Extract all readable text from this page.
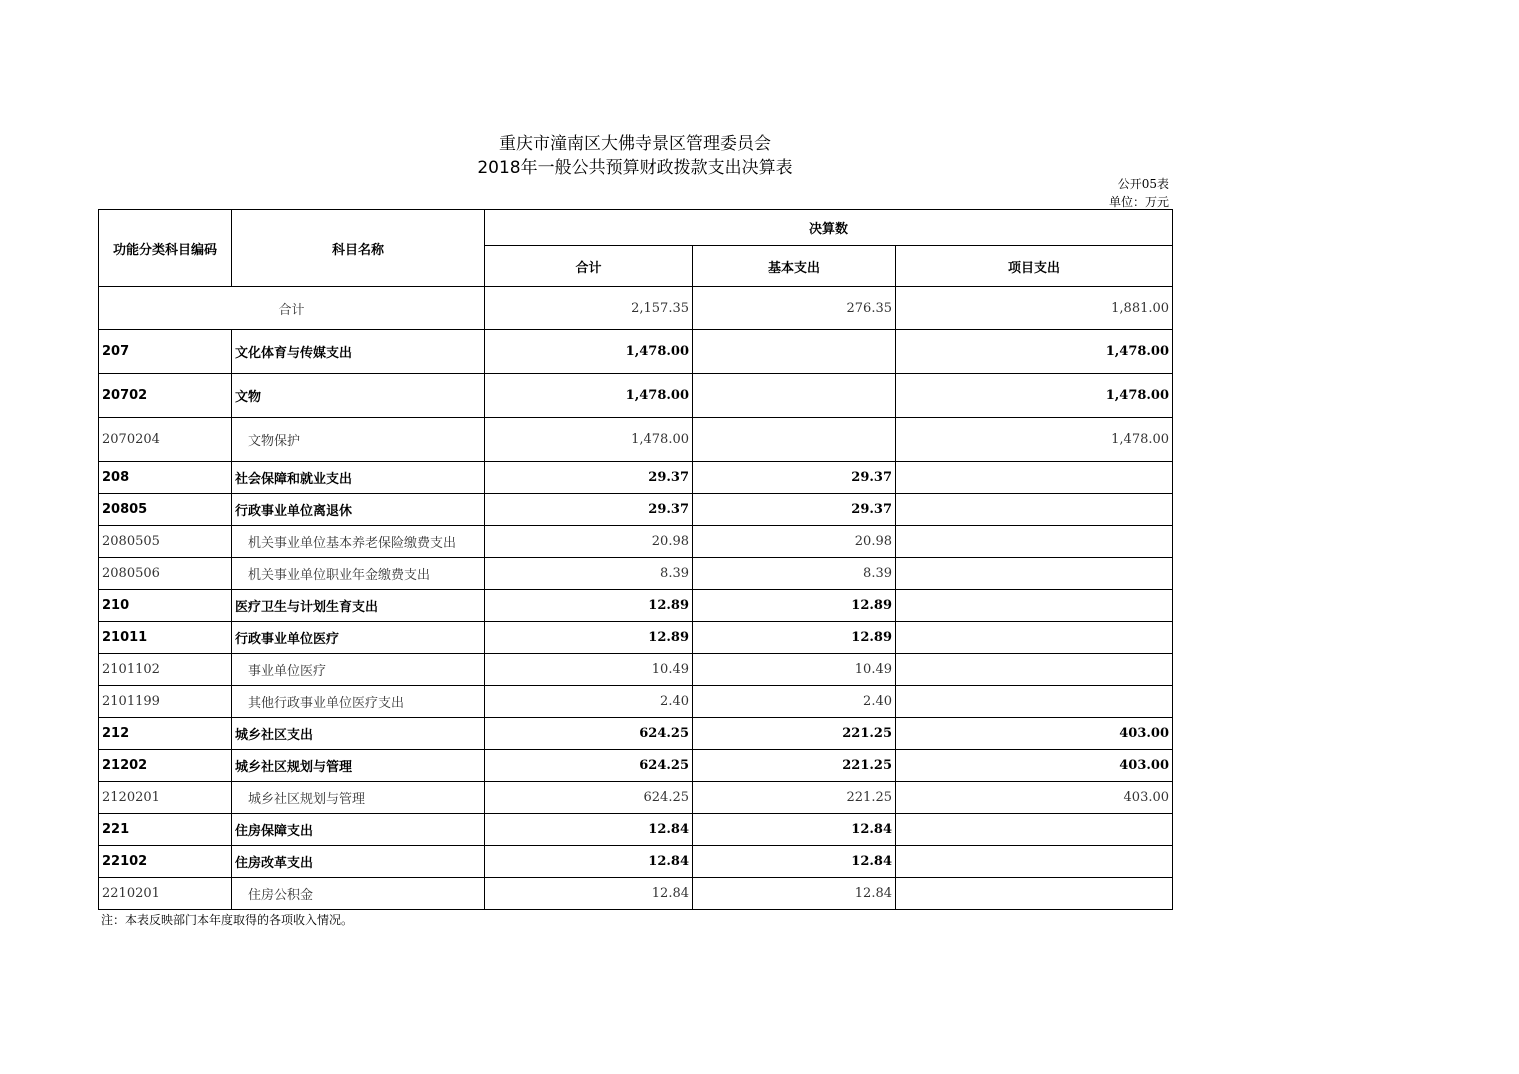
重庆市潼南区大佛寺景区管理委员会
2018年一般公共预算财政拨款支出决算表
公开05表
单位：万元
功能分类科目编码	科目名称	决算数		
		合计	基本支出	项目支出
合计		2,157.35	276.35	1,881.00
207	文化体育与传媒支出	1,478.00		1,478.00
20702	文物	1,478.00		1,478.00
2070204	文物保护	1,478.00		1,478.00
208	社会保障和就业支出	29.37	29.37	
20805	行政事业单位离退休	29.37	29.37	
2080505	机关事业单位基本养老保险缴费支出	20.98	20.98	
2080506	机关事业单位职业年金缴费支出	8.39	8.39	
210	医疗卫生与计划生育支出	12.89	12.89	
21011	行政事业单位医疗	12.89	12.89	
2101102	事业单位医疗	10.49	10.49	
2101199	其他行政事业单位医疗支出	2.40	2.40	
212	城乡社区支出	624.25	221.25	403.00
21202	城乡社区规划与管理	624.25	221.25	403.00
2120201	城乡社区规划与管理	624.25	221.25	403.00
221	住房保障支出	12.84	12.84	
22102	住房改革支出	12.84	12.84	
2210201	住房公积金	12.84	12.84	
注：本表反映部门本年度取得的各项收入情况。
